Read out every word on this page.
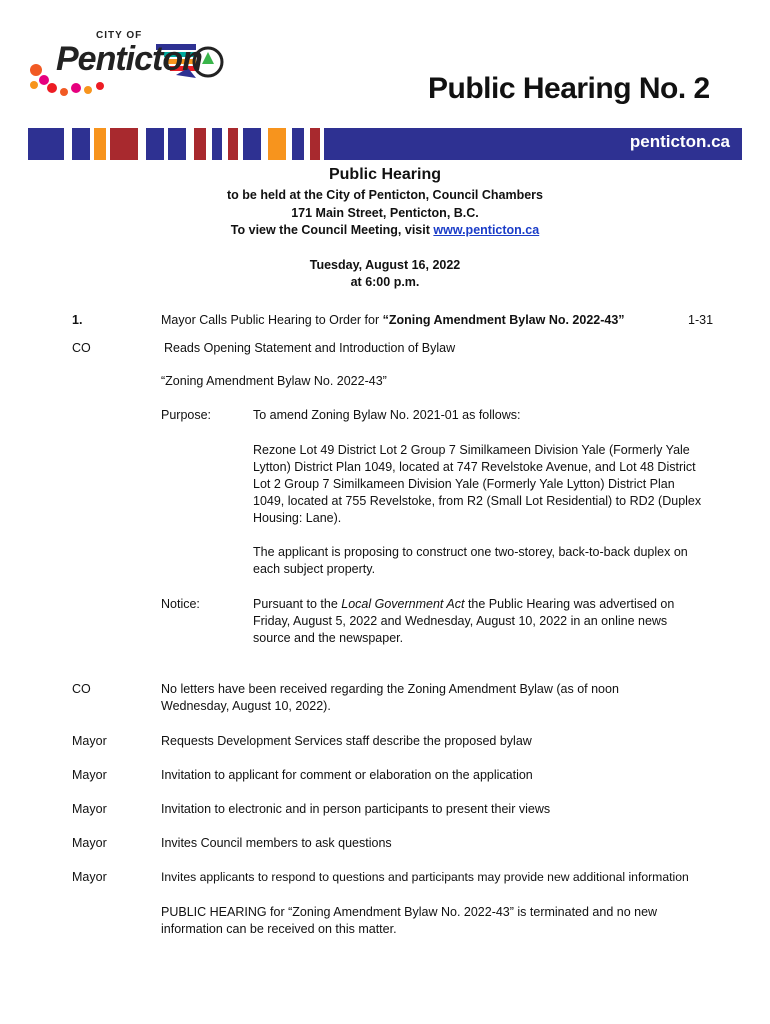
CITY OF
Penticton
Public Hearing No. 2
penticton.ca
Public Hearing
to be held at the City of Penticton, Council Chambers
171 Main Street, Penticton, B.C.
To view the Council Meeting, visit www.penticton.ca
Tuesday, August 16, 2022
at 6:00 p.m.
1.	Mayor Calls Public Hearing to Order for “Zoning Amendment Bylaw No. 2022-43”	1-31
CO	Reads Opening Statement and Introduction of Bylaw
“Zoning Amendment Bylaw No. 2022-43”
Purpose:	To amend Zoning Bylaw No. 2021-01 as follows:
Rezone Lot 49 District Lot 2 Group 7 Similkameen Division Yale (Formerly Yale Lytton) District Plan 1049, located at 747 Revelstoke Avenue, and Lot 48 District Lot 2 Group 7 Similkameen Division Yale (Formerly Yale Lytton) District Plan 1049, located at 755 Revelstoke, from R2 (Small Lot Residential) to RD2 (Duplex Housing: Lane).
The applicant is proposing to construct one two-storey, back-to-back duplex on each subject property.
Notice:	Pursuant to the Local Government Act the Public Hearing was advertised on Friday, August 5, 2022 and Wednesday, August 10, 2022 in an online news source and the newspaper.
CO	No letters have been received regarding the Zoning Amendment Bylaw (as of noon Wednesday, August 10, 2022).
Mayor	Requests Development Services staff describe the proposed bylaw
Mayor	Invitation to applicant for comment or elaboration on the application
Mayor	Invitation to electronic and in person participants to present their views
Mayor	Invites Council members to ask questions
Mayor	Invites applicants to respond to questions and participants may provide new additional information
PUBLIC HEARING for “Zoning Amendment Bylaw No. 2022-43” is terminated and no new information can be received on this matter.
